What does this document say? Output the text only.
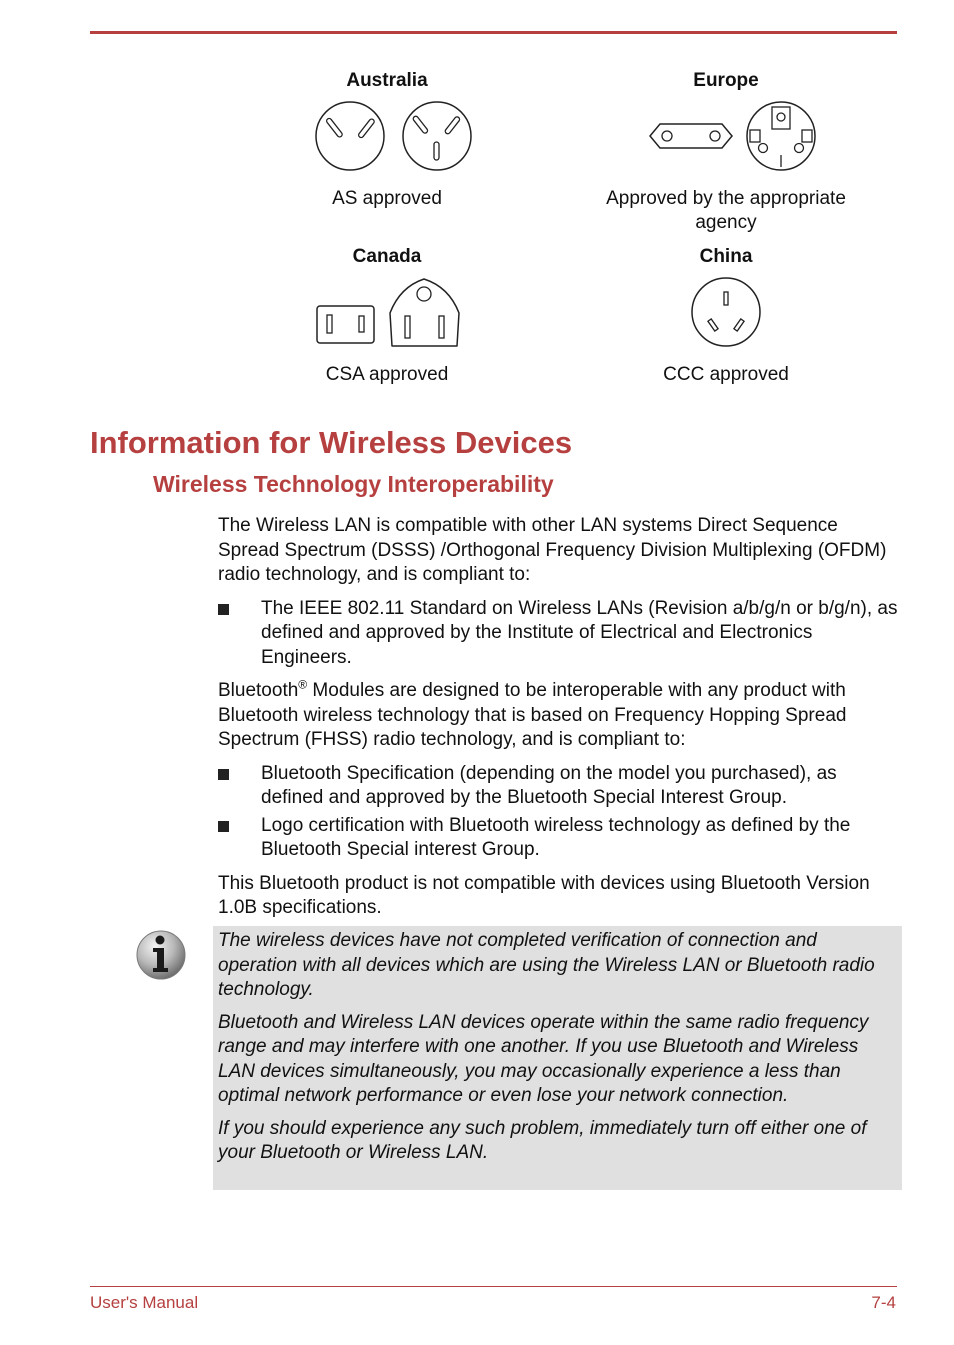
Australia
AS approved
Europe
Approved by the appropriate agency
Canada
CSA approved
China
CCC approved
Information for Wireless Devices
Wireless Technology Interoperability

The Wireless LAN is compatible with other LAN systems Direct Sequence Spread Spectrum (DSSS) /Orthogonal Frequency Division Multiplexing (OFDM) radio technology, and is compliant to:

The IEEE 802.11 Standard on Wireless LANs (Revision a/b/g/n or b/g/n), as defined and approved by the Institute of Electrical and Electronics Engineers.

Bluetooth® Modules are designed to be interoperable with any product with Bluetooth wireless technology that is based on Frequency Hopping Spread Spectrum (FHSS) radio technology, and is compliant to:

Bluetooth Specification (depending on the model you purchased), as defined and approved by the Bluetooth Special Interest Group.
Logo certification with Bluetooth wireless technology as defined by the Bluetooth Special interest Group.

This Bluetooth product is not compatible with devices using Bluetooth Version 1.0B specifications.

The wireless devices have not completed verification of connection and operation with all devices which are using the Wireless LAN or Bluetooth radio technology.

Bluetooth and Wireless LAN devices operate within the same radio frequency range and may interfere with one another. If you use Bluetooth and Wireless LAN devices simultaneously, you may occasionally experience a less than optimal network performance or even lose your network connection.

If you should experience any such problem, immediately turn off either one of your Bluetooth or Wireless LAN.

User's Manual	7-4
